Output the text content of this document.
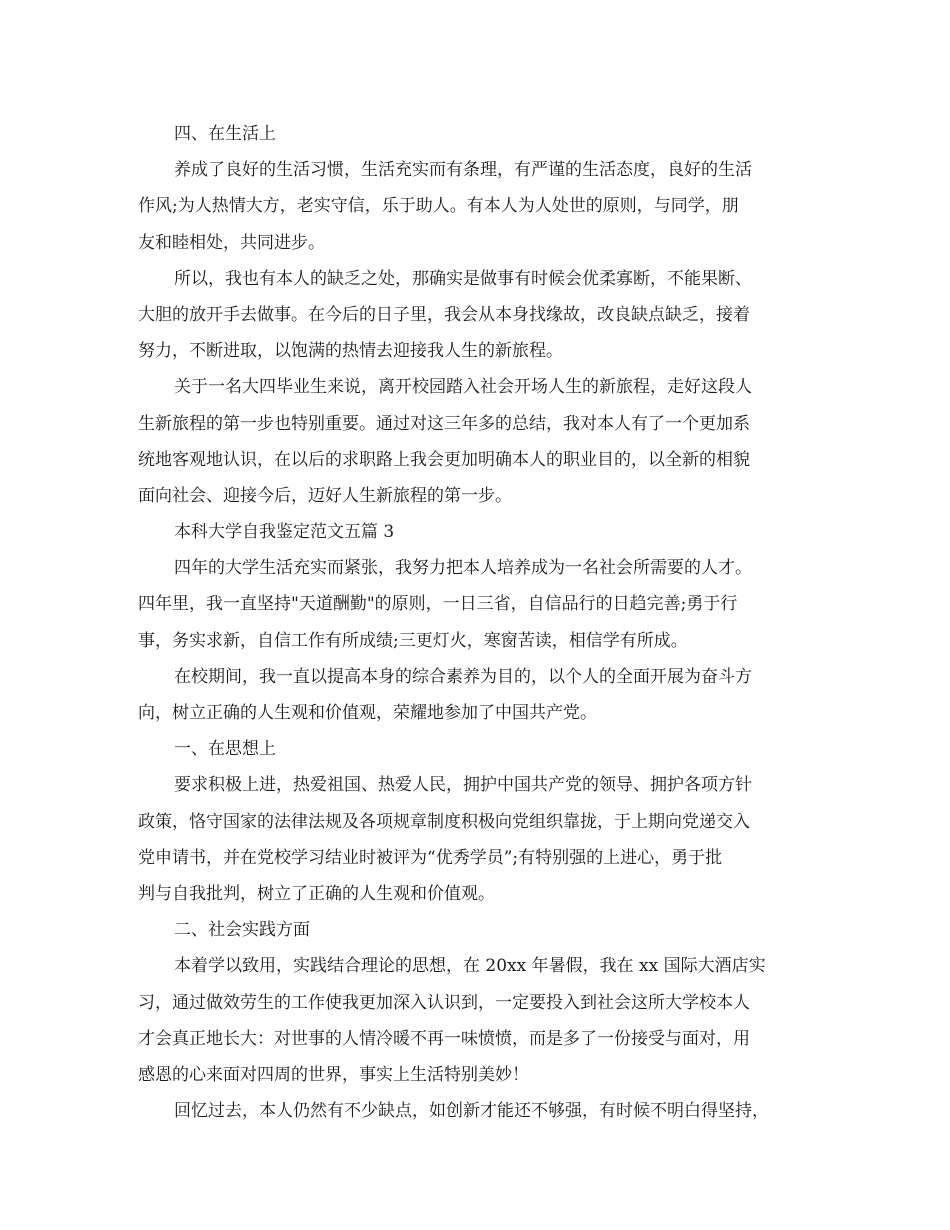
四、在生活上
养成了良好的生活习惯，生活充实而有条理，有严谨的生活态度，良好的生活
作风;为人热情大方，老实守信，乐于助人。有本人为人处世的原则，与同学，朋
友和睦相处，共同进步。
所以，我也有本人的缺乏之处，那确实是做事有时候会优柔寡断，不能果断、
大胆的放开手去做事。在今后的日子里，我会从本身找缘故，改良缺点缺乏，接着
努力，不断进取，以饱满的热情去迎接我人生的新旅程。
关于一名大四毕业生来说，离开校园踏入社会开场人生的新旅程，走好这段人
生新旅程的第一步也特别重要。通过对这三年多的总结，我对本人有了一个更加系
统地客观地认识，在以后的求职路上我会更加明确本人的职业目的，以全新的相貌
面向社会、迎接今后，迈好人生新旅程的第一步。
本科大学自我鉴定范文五篇 3
四年的大学生活充实而紧张，我努力把本人培养成为一名社会所需要的人才。
四年里，我一直坚持"天道酬勤"的原则，一日三省，自信品行的日趋完善;勇于行
事，务实求新，自信工作有所成绩;三更灯火，寒窗苦读，相信学有所成。
在校期间，我一直以提高本身的综合素养为目的，以个人的全面开展为奋斗方
向，树立正确的人生观和价值观，荣耀地参加了中国共产党。
一、在思想上
要求积极上进，热爱祖国、热爱人民，拥护中国共产党的领导、拥护各项方针
政策，恪守国家的法律法规及各项规章制度积极向党组织靠拢，于上期向党递交入
党申请书，并在党校学习结业时被评为“优秀学员”;有特别强的上进心，勇于批
判与自我批判，树立了正确的人生观和价值观。
二、社会实践方面
本着学以致用，实践结合理论的思想，在 20xx 年暑假，我在 xx 国际大酒店实
习，通过做效劳生的工作使我更加深入认识到，一定要投入到社会这所大学校本人
才会真正地长大：对世事的人情冷暖不再一味愤愤，而是多了一份接受与面对，用
感恩的心来面对四周的世界，事实上生活特别美妙！
回忆过去，本人仍然有不少缺点，如创新才能还不够强，有时候不明白得坚持，
